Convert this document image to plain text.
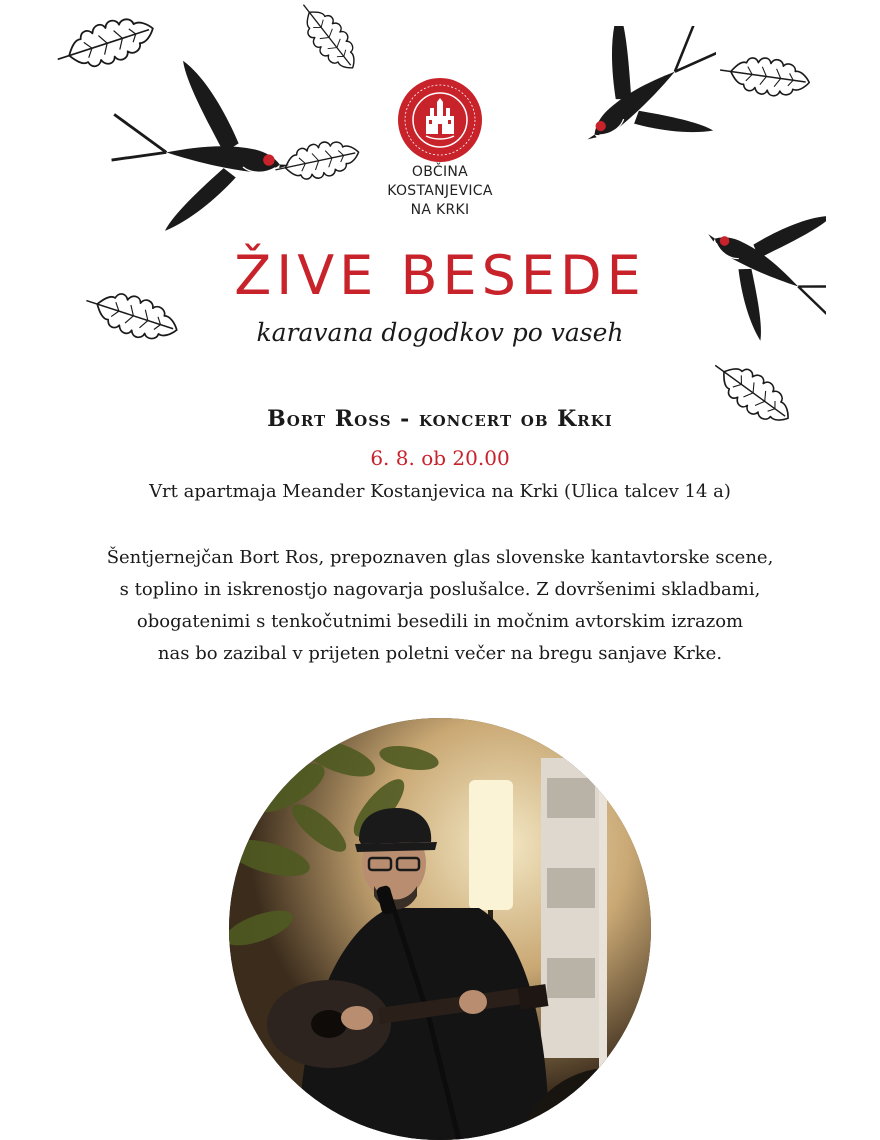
OBČINA
KOSTANJEVICA
NA KRKI
ŽIVE BESEDE
karavana dogodkov po vaseh
Bort Ross - koncert ob Krki
6. 8. ob 20.00
Vrt apartmaja Meander Kostanjevica na Krki (Ulica talcev 14 a)
Šentjernejčan Bort Ros, prepoznaven glas slovenske kantavtorske scene,
s toplino in iskrenostjo nagovarja poslušalce. Z dovršenimi skladbami,
obogatenimi s tenkočutnimi besedili in močnim avtorskim izrazom
nas bo zazibal v prijeten poletni večer na bregu sanjave Krke.
